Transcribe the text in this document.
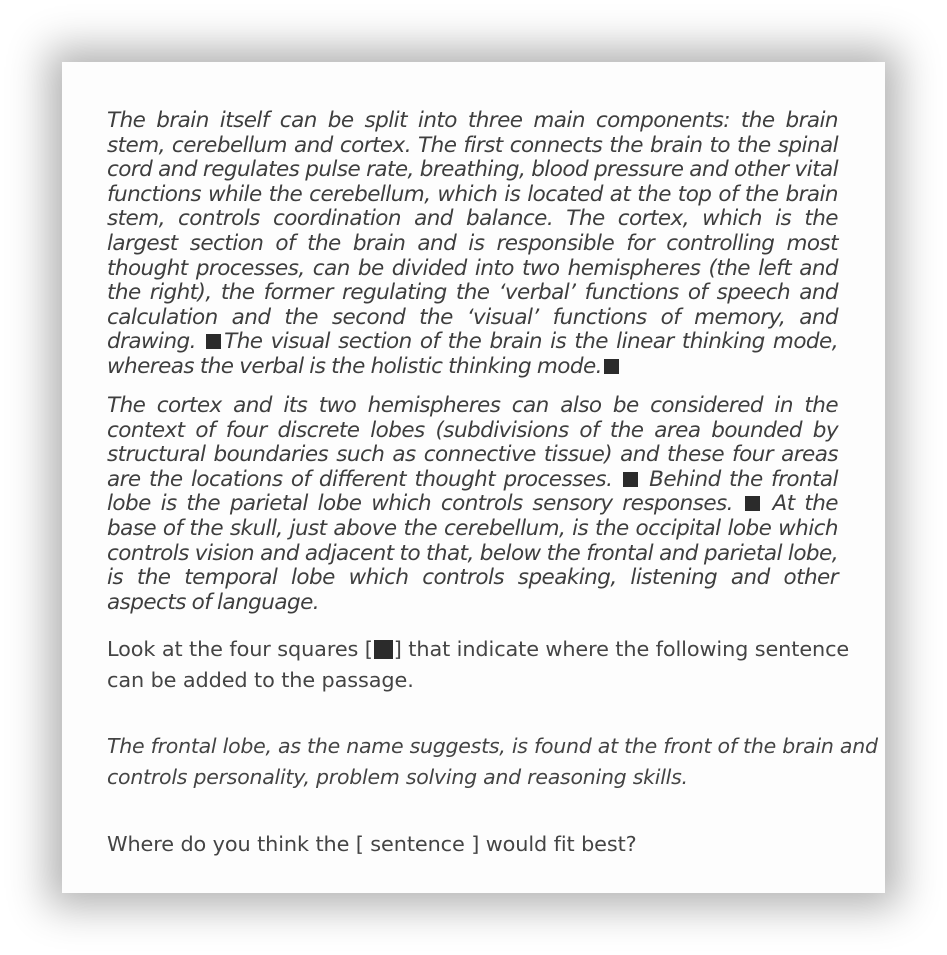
The brain itself can be split into three main components: the brain stem, cerebellum and cortex. The first connects the brain to the spinal cord and regulates pulse rate, breathing, blood pressure and other vital functions while the cerebellum, which is located at the top of the brain stem, controls coordination and balance. The cortex, which is the largest section of the brain and is responsible for controlling most thought processes, can be divided into two hemispheres (the left and the right), the former regulating the ‘verbal’ functions of speech and calculation and the second the ‘visual’ functions of memory, and drawing. The visual section of the brain is the linear thinking mode, whereas the verbal is the holistic thinking mode.
The cortex and its two hemispheres can also be considered in the context of four discrete lobes (subdivisions of the area bounded by structural boundaries such as connective tissue) and these four areas are the locations of different thought processes. Behind the frontal lobe is the parietal lobe which controls sensory responses. At the base of the skull, just above the cerebellum, is the occipital lobe which controls vision and adjacent to that, below the frontal and parietal lobe, is the temporal lobe which controls speaking, listening and other aspects of language.
Look at the four squares [ ] that indicate where the following sentence can be added to the passage.
The frontal lobe, as the name suggests, is found at the front of the brain and controls personality, problem solving and reasoning skills.
Where do you think the [ sentence ] would fit best?
